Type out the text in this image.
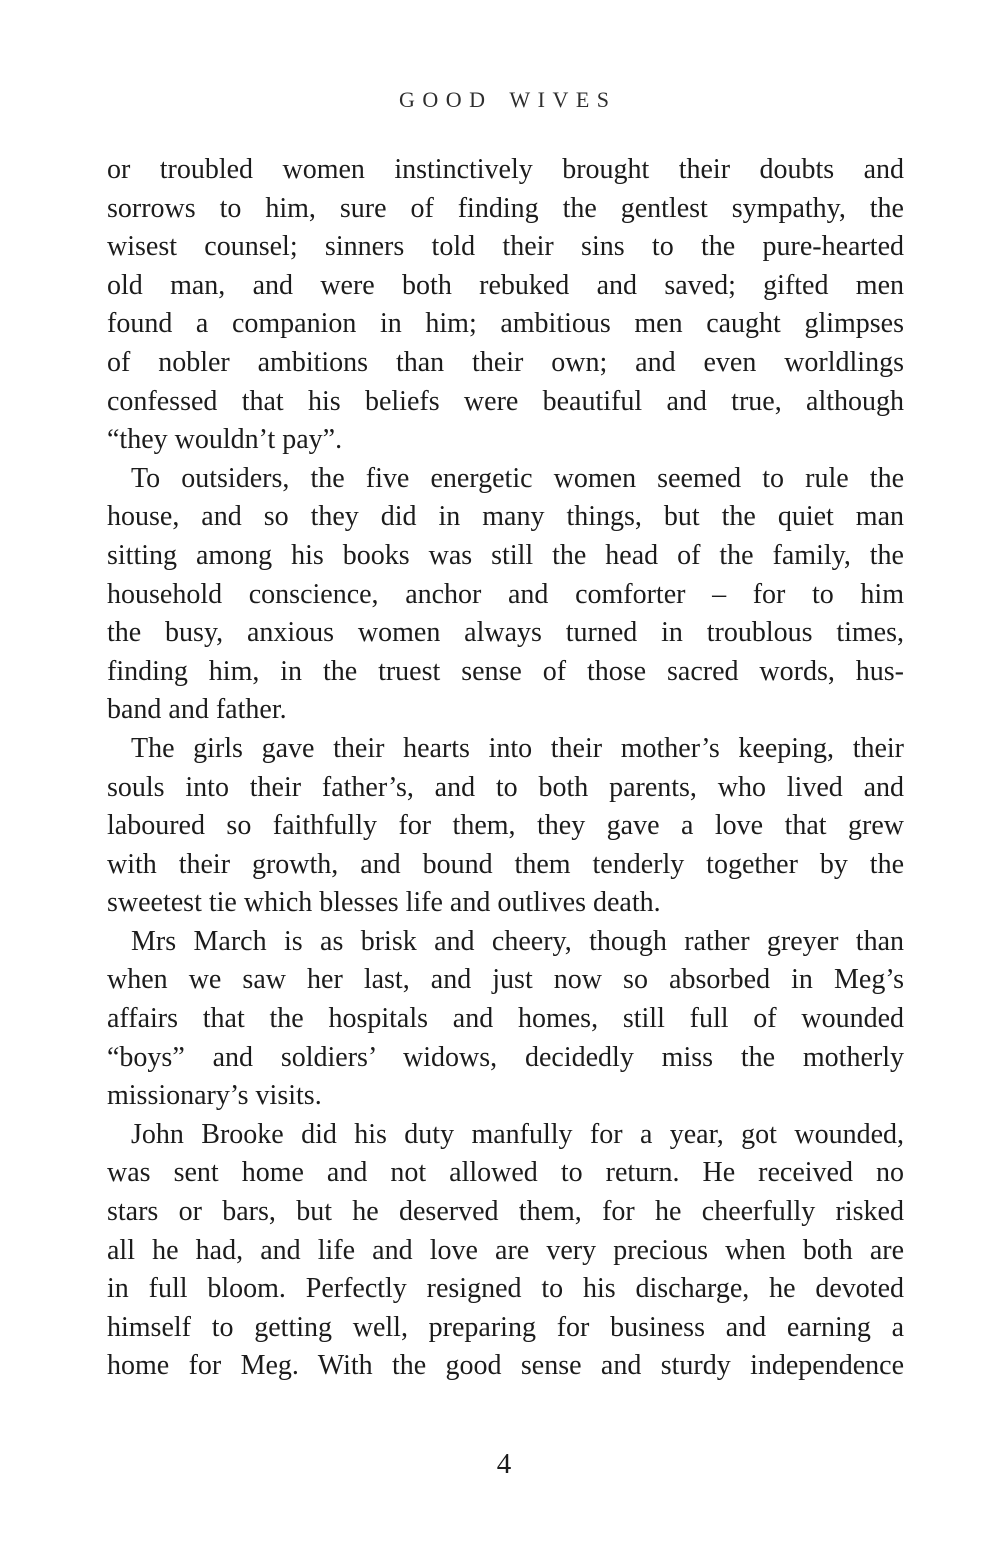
GOOD WIVES
or troubled women instinctively brought their doubts and
sorrows to him, sure of finding the gentlest sympathy, the
wisest counsel; sinners told their sins to the pure-hearted
old man, and were both rebuked and saved; gifted men
found a companion in him; ambitious men caught glimpses
of nobler ambitions than their own; and even worldlings
confessed that his beliefs were beautiful and true, although
“they wouldn’t pay”.
To outsiders, the five energetic women seemed to rule the
house, and so they did in many things, but the quiet man
sitting among his books was still the head of the family, the
household conscience, anchor and comforter – for to him
the busy, anxious women always turned in troublous times,
finding him, in the truest sense of those sacred words, hus-
band and father.
The girls gave their hearts into their mother’s keeping, their
souls into their father’s, and to both parents, who lived and
laboured so faithfully for them, they gave a love that grew
with their growth, and bound them tenderly together by the
sweetest tie which blesses life and outlives death.
Mrs March is as brisk and cheery, though rather greyer than
when we saw her last, and just now so absorbed in Meg’s
affairs that the hospitals and homes, still full of wounded
“boys” and soldiers’ widows, decidedly miss the motherly
missionary’s visits.
John Brooke did his duty manfully for a year, got wounded,
was sent home and not allowed to return. He received no
stars or bars, but he deserved them, for he cheerfully risked
all he had, and life and love are very precious when both are
in full bloom. Perfectly resigned to his discharge, he devoted
himself to getting well, preparing for business and earning a
home for Meg. With the good sense and sturdy independence
4
